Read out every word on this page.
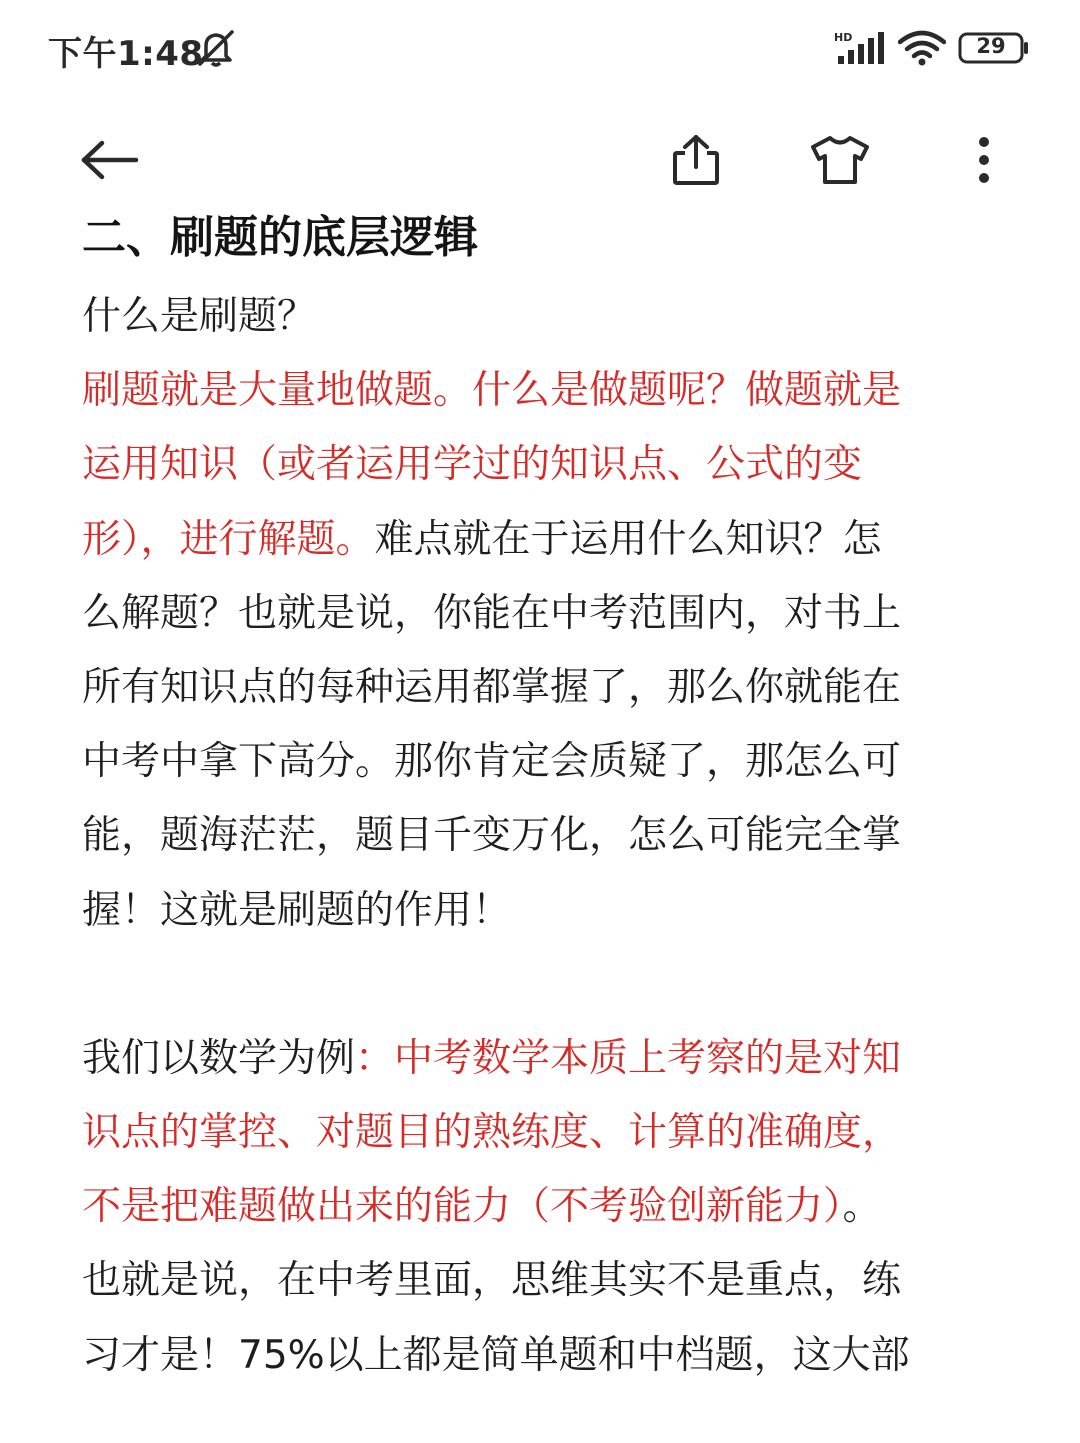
下午1:48	HD	29
二、刷题的底层逻辑
什么是刷题？
刷题就是大量地做题。什么是做题呢？做题就是
运用知识（或者运用学过的知识点、公式的变
形），进行解题。难点就在于运用什么知识？怎
么解题？也就是说，你能在中考范围内，对书上
所有知识点的每种运用都掌握了，那么你就能在
中考中拿下高分。那你肯定会质疑了，那怎么可
能，题海茫茫，题目千变万化，怎么可能完全掌
握！这就是刷题的作用！
我们以数学为例：中考数学本质上考察的是对知
识点的掌控、对题目的熟练度、计算的准确度，
不是把难题做出来的能力（不考验创新能力）。
也就是说，在中考里面，思维其实不是重点，练
习才是！75%以上都是简单题和中档题，这大部
